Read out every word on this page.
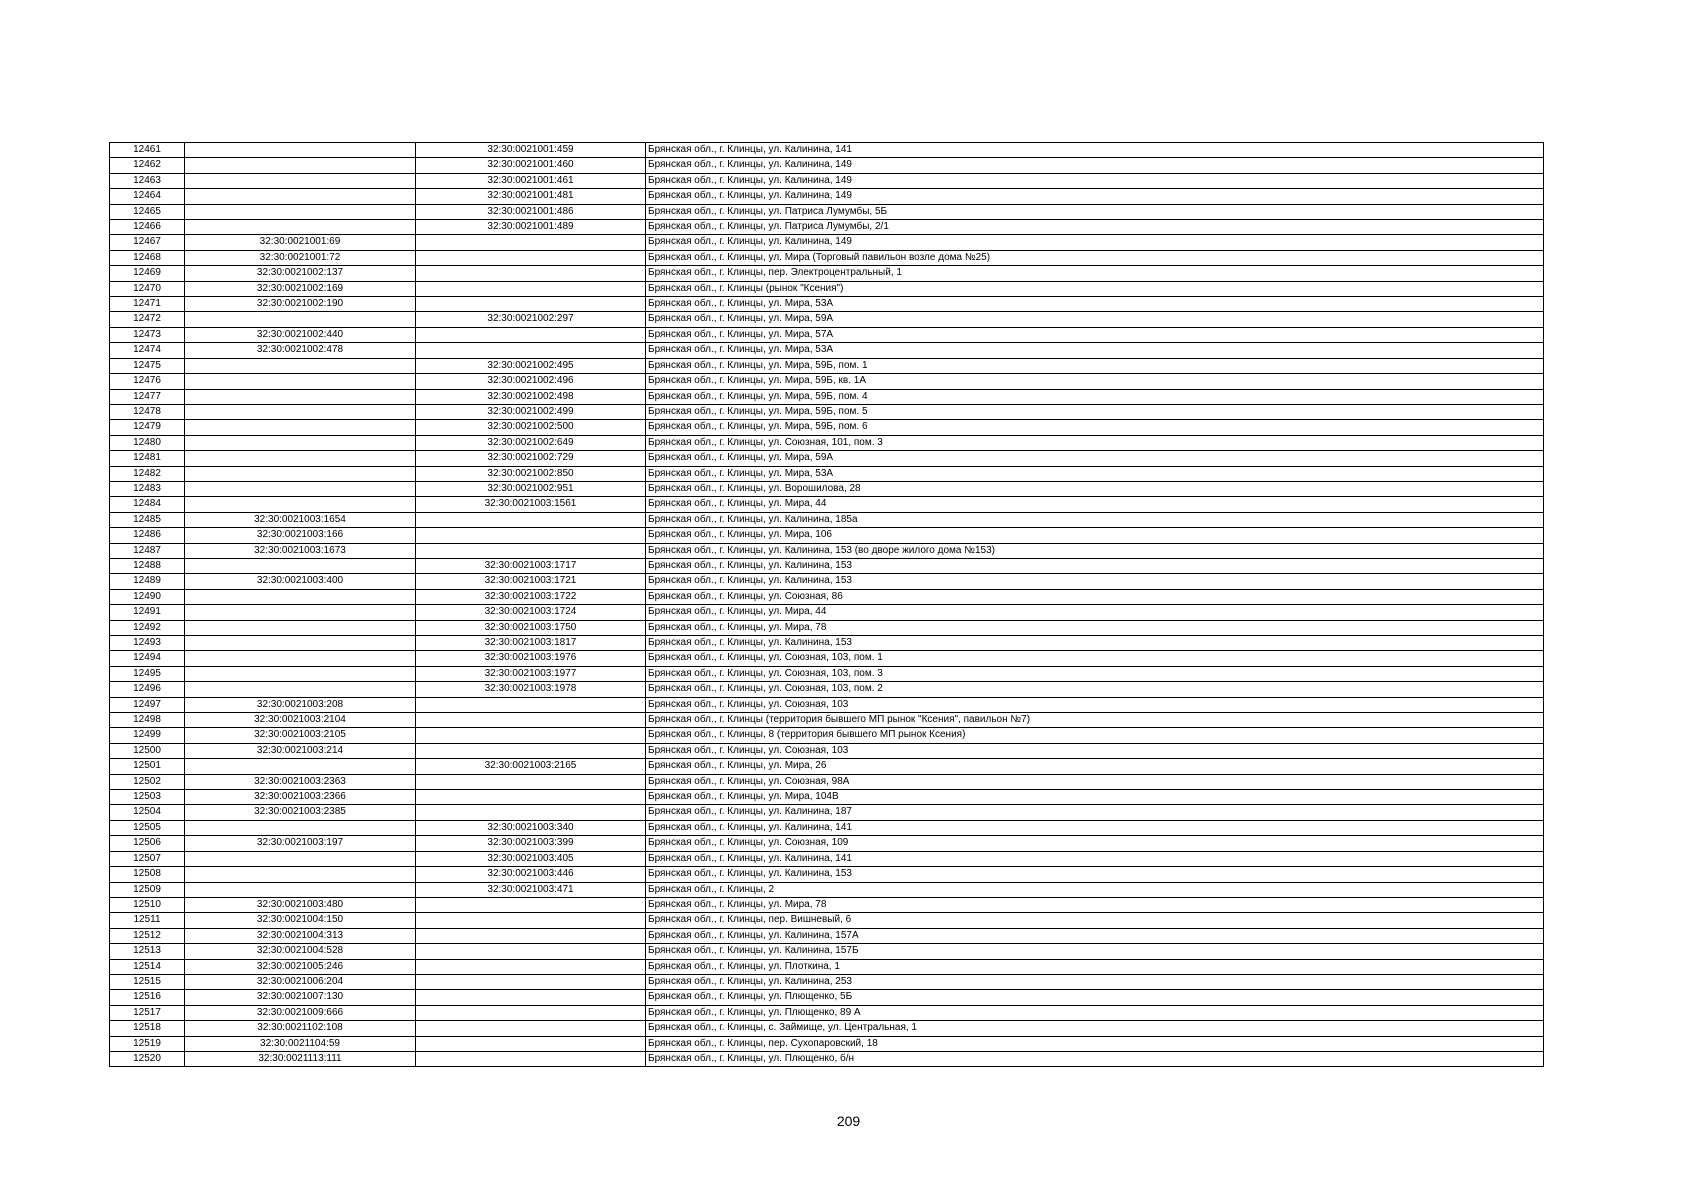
12461		32:30:0021001:459	Брянская обл., г. Клинцы, ул. Калинина, 141
12462		32:30:0021001:460	Брянская обл., г. Клинцы, ул. Калинина, 149
12463		32:30:0021001:461	Брянская обл., г. Клинцы, ул. Калинина, 149
12464		32:30:0021001:481	Брянская обл., г. Клинцы, ул. Калинина, 149
12465		32:30:0021001:486	Брянская обл., г. Клинцы, ул. Патриса Лумумбы, 5Б
12466		32:30:0021001:489	Брянская обл., г. Клинцы, ул. Патриса Лумумбы, 2/1
12467	32:30:0021001:69		Брянская обл., г. Клинцы, ул. Калинина, 149
12468	32:30:0021001:72		Брянская обл., г. Клинцы, ул. Мира (Торговый павильон возле дома №25)
12469	32:30:0021002:137		Брянская обл., г. Клинцы, пер. Электроцентральный, 1
12470	32:30:0021002:169		Брянская обл., г. Клинцы (рынок "Ксения")
12471	32:30:0021002:190		Брянская обл., г. Клинцы, ул. Мира, 53А
12472		32:30:0021002:297	Брянская обл., г. Клинцы, ул. Мира, 59А
12473	32:30:0021002:440		Брянская обл., г. Клинцы, ул. Мира, 57А
12474	32:30:0021002:478		Брянская обл., г. Клинцы, ул. Мира, 53А
12475		32:30:0021002:495	Брянская обл., г. Клинцы, ул. Мира, 59Б, пом. 1
12476		32:30:0021002:496	Брянская обл., г. Клинцы, ул. Мира, 59Б, кв. 1А
12477		32:30:0021002:498	Брянская обл., г. Клинцы, ул. Мира, 59Б, пом. 4
12478		32:30:0021002:499	Брянская обл., г. Клинцы, ул. Мира, 59Б, пом. 5
12479		32:30:0021002:500	Брянская обл., г. Клинцы, ул. Мира, 59Б, пом. 6
12480		32:30:0021002:649	Брянская обл., г. Клинцы, ул. Союзная, 101, пом. 3
12481		32:30:0021002:729	Брянская обл., г. Клинцы, ул. Мира, 59А
12482		32:30:0021002:850	Брянская обл., г. Клинцы, ул. Мира, 53А
12483		32:30:0021002:951	Брянская обл., г. Клинцы, ул. Ворошилова, 28
12484		32:30:0021003:1561	Брянская обл., г. Клинцы, ул. Мира, 44
12485	32:30:0021003:1654		Брянская обл., г. Клинцы, ул. Калинина, 185а
12486	32:30:0021003:166		Брянская обл., г. Клинцы, ул. Мира, 106
12487	32:30:0021003:1673		Брянская обл., г. Клинцы, ул. Калинина, 153 (во дворе жилого дома №153)
12488		32:30:0021003:1717	Брянская обл., г. Клинцы, ул. Калинина, 153
12489	32:30:0021003:400	32:30:0021003:1721	Брянская обл., г. Клинцы, ул. Калинина, 153
12490		32:30:0021003:1722	Брянская обл., г. Клинцы, ул. Союзная, 86
12491		32:30:0021003:1724	Брянская обл., г. Клинцы, ул. Мира, 44
12492		32:30:0021003:1750	Брянская обл., г. Клинцы, ул. Мира, 78
12493		32:30:0021003:1817	Брянская обл., г. Клинцы, ул. Калинина, 153
12494		32:30:0021003:1976	Брянская обл., г. Клинцы, ул. Союзная, 103, пом. 1
12495		32:30:0021003:1977	Брянская обл., г. Клинцы, ул. Союзная, 103, пом. 3
12496		32:30:0021003:1978	Брянская обл., г. Клинцы, ул. Союзная, 103, пом. 2
12497	32:30:0021003:208		Брянская обл., г. Клинцы, ул. Союзная, 103
12498	32:30:0021003:2104		Брянская обл., г. Клинцы (территория бывшего МП рынок "Ксения", павильон №7)
12499	32:30:0021003:2105		Брянская обл., г. Клинцы, 8 (территория бывшего МП рынок Ксения)
12500	32:30:0021003:214		Брянская обл., г. Клинцы, ул. Союзная, 103
12501		32:30:0021003:2165	Брянская обл., г. Клинцы, ул. Мира, 26
12502	32:30:0021003:2363		Брянская обл., г. Клинцы, ул. Союзная, 98А
12503	32:30:0021003:2366		Брянская обл., г. Клинцы, ул. Мира, 104В
12504	32:30:0021003:2385		Брянская обл., г. Клинцы, ул. Калинина, 187
12505		32:30:0021003:340	Брянская обл., г. Клинцы, ул. Калинина, 141
12506	32:30:0021003:197	32:30:0021003:399	Брянская обл., г. Клинцы, ул. Союзная, 109
12507		32:30:0021003:405	Брянская обл., г. Клинцы, ул. Калинина, 141
12508		32:30:0021003:446	Брянская обл., г. Клинцы, ул. Калинина, 153
12509		32:30:0021003:471	Брянская обл., г. Клинцы, 2
12510	32:30:0021003:480		Брянская обл., г. Клинцы, ул. Мира, 78
12511	32:30:0021004:150		Брянская обл., г. Клинцы, пер. Вишневый, 6
12512	32:30:0021004:313		Брянская обл., г. Клинцы, ул. Калинина, 157А
12513	32:30:0021004:528		Брянская обл., г. Клинцы, ул. Калинина, 157Б
12514	32:30:0021005:246		Брянская обл., г. Клинцы, ул. Плоткина, 1
12515	32:30:0021006:204		Брянская обл., г. Клинцы, ул. Калинина, 253
12516	32:30:0021007:130		Брянская обл., г. Клинцы, ул. Плющенко, 5Б
12517	32:30:0021009:666		Брянская обл., г. Клинцы, ул. Плющенко, 89 А
12518	32:30:0021102:108		Брянская обл., г. Клинцы, с. Займище, ул. Центральная, 1
12519	32:30:0021104:59		Брянская обл., г. Клинцы, пер. Сухопаровский, 18
12520	32:30:0021113:111		Брянская обл., г. Клинцы, ул. Плющенко, б/н
209
